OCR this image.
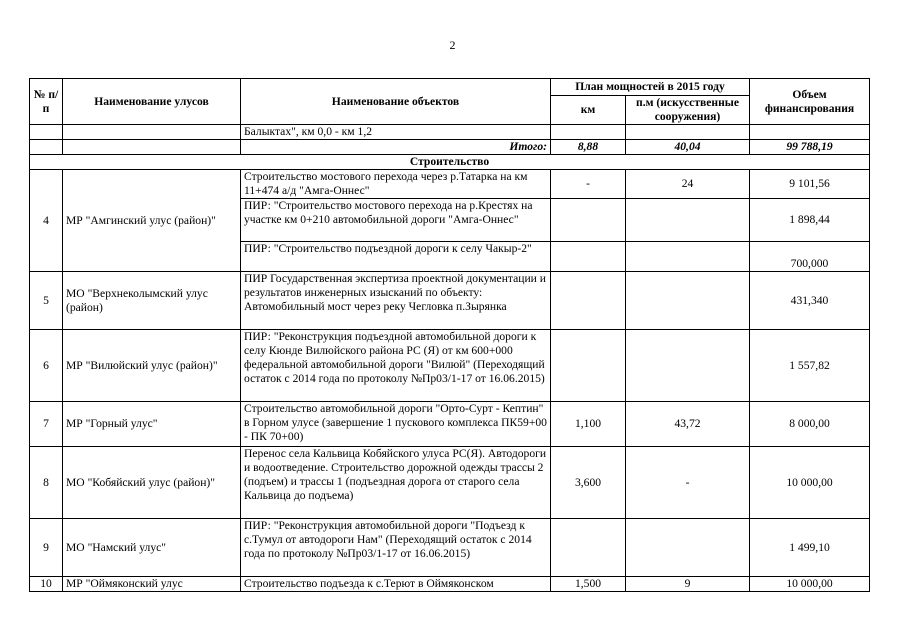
2
№ п/п	Наименование улусов	Наименование объектов	План мощностей в 2015 году		Объем финансирования
			км	п.м (искусственные сооружения)	
		Балыктах", км 0,0 - км 1,2			
		Итого:	8,88	40,04	99 788,19
Строительство					
4	МР "Амгинский улус (район)"	Строительство мостового перехода через р.Татарка на км 11+474 а/д "Амга-Оннес"	-	24	9 101,56
		ПИР: "Строительство мостового перехода на р.Крестях на участке км 0+210 автомобильной дороги "Амга-Оннес"			1 898,44
		ПИР: "Строительство подъездной дороги к селу Чакыр-2"			700,000
5	МО "Верхнеколымский улус (район)	ПИР Государственная экспертиза проектной документации и результатов инженерных изысканий по объекту: Автомобильный мост через реку Чегловка п.Зырянка			431,340
6	МР "Вилюйский улус (район)"	ПИР: "Реконструкция подъездной автомобильной дороги к селу Кюнде Вилюйского района РС (Я) от км 600+000 федеральной автомобильной дороги "Вилюй" (Переходящий остаток с 2014 года по протоколу №Пр03/1-17 от 16.06.2015)			1 557,82
7	МР "Горный улус"	Строительство автомобильной дороги "Орто-Сурт - Кептин" в Горном улусе (завершение 1 пускового комплекса ПК59+00 - ПК 70+00)	1,100	43,72	8 000,00
8	МО "Кобяйский улус (район)"	Перенос села Кальвица Кобяйского улуса РС(Я). Автодороги и водоотведение. Строительство дорожной одежды трассы 2 (подъем) и трассы 1 (подъездная дорога от старого села Кальвица до подъема)	3,600	-	10 000,00
9	МО "Намский улус"	ПИР: "Реконструкция автомобильной дороги "Подъезд к с.Тумул от автодороги Нам" (Переходящий остаток с 2014 года по протоколу №Пр03/1-17 от 16.06.2015)			1 499,10
10	МР "Оймяконский улус	Строительство подъезда к с.Терют в Оймяконском	1,500	9	10 000,00
